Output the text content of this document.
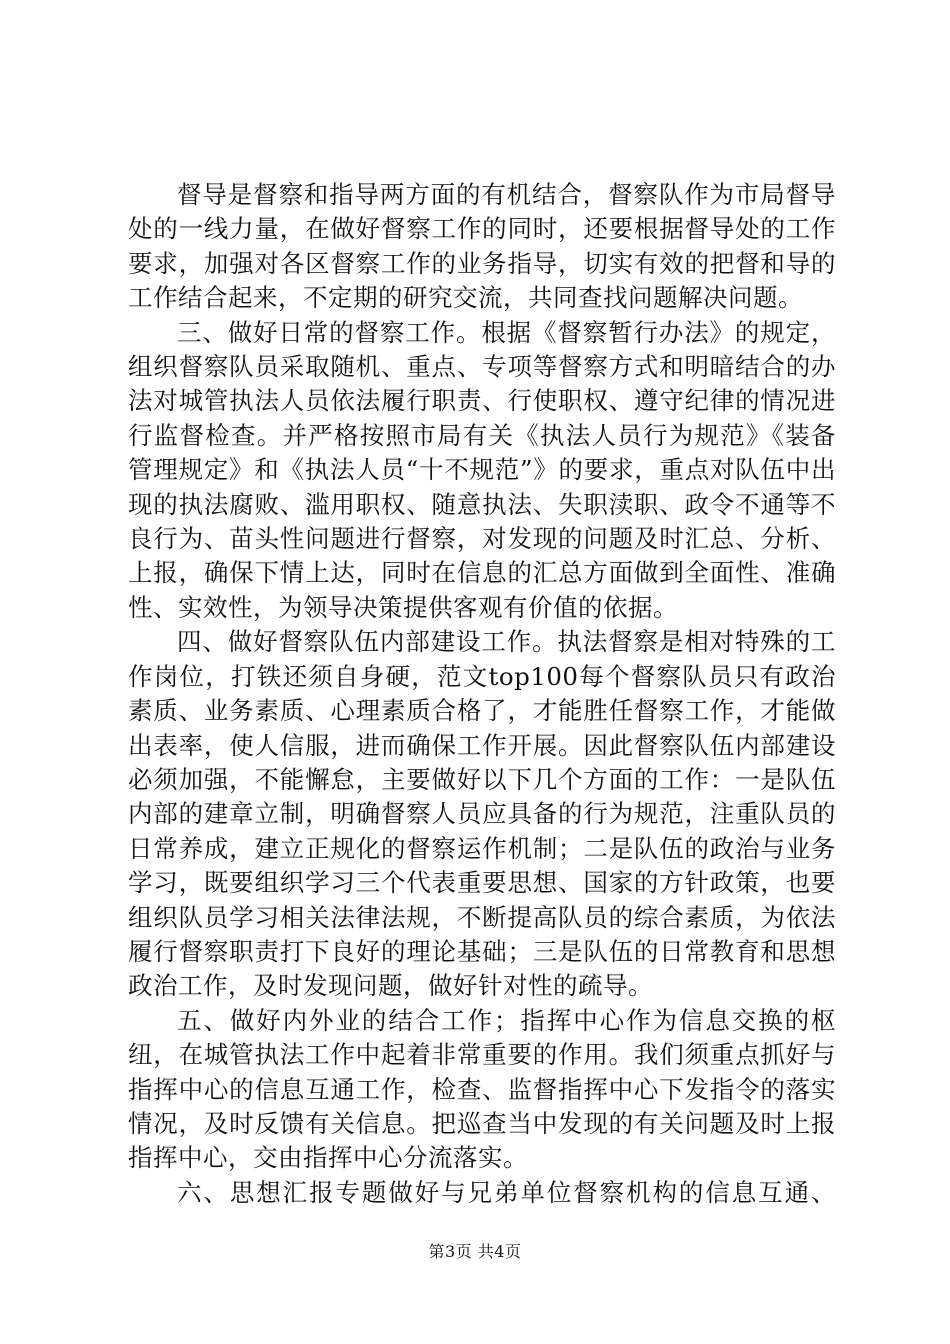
督导是督察和指导两方面的有机结合，督察队作为市局督导处的一线力量，在做好督察工作的同时，还要根据督导处的工作要求，加强对各区督察工作的业务指导，切实有效的把督和导的工作结合起来，不定期的研究交流，共同查找问题解决问题。

三、做好日常的督察工作。根据《督察暂行办法》的规定，组织督察队员采取随机、重点、专项等督察方式和明暗结合的办法对城管执法人员依法履行职责、行使职权、遵守纪律的情况进行监督检查。并严格按照市局有关《执法人员行为规范》《装备管理规定》和《执法人员“十不规范”》的要求，重点对队伍中出现的执法腐败、滥用职权、随意执法、失职渎职、政令不通等不良行为、苗头性问题进行督察，对发现的问题及时汇总、分析、上报，确保下情上达，同时在信息的汇总方面做到全面性、准确性、实效性，为领导决策提供客观有价值的依据。

四、做好督察队伍内部建设工作。执法督察是相对特殊的工作岗位，打铁还须自身硬，范文top100每个督察队员只有政治素质、业务素质、心理素质合格了，才能胜任督察工作，才能做出表率，使人信服，进而确保工作开展。因此督察队伍内部建设必须加强，不能懈怠，主要做好以下几个方面的工作：一是队伍内部的建章立制，明确督察人员应具备的行为规范，注重队员的日常养成，建立正规化的督察运作机制；二是队伍的政治与业务学习，既要组织学习三个代表重要思想、国家的方针政策，也要组织队员学习相关法律法规，不断提高队员的综合素质，为依法履行督察职责打下良好的理论基础；三是队伍的日常教育和思想政治工作，及时发现问题，做好针对性的疏导。

五、做好内外业的结合工作；指挥中心作为信息交换的枢纽，在城管执法工作中起着非常重要的作用。我们须重点抓好与指挥中心的信息互通工作，检查、监督指挥中心下发指令的落实情况，及时反馈有关信息。把巡查当中发现的有关问题及时上报指挥中心，交由指挥中心分流落实。

六、思想汇报专题做好与兄弟单位督察机构的信息互通、

第3页 共4页
